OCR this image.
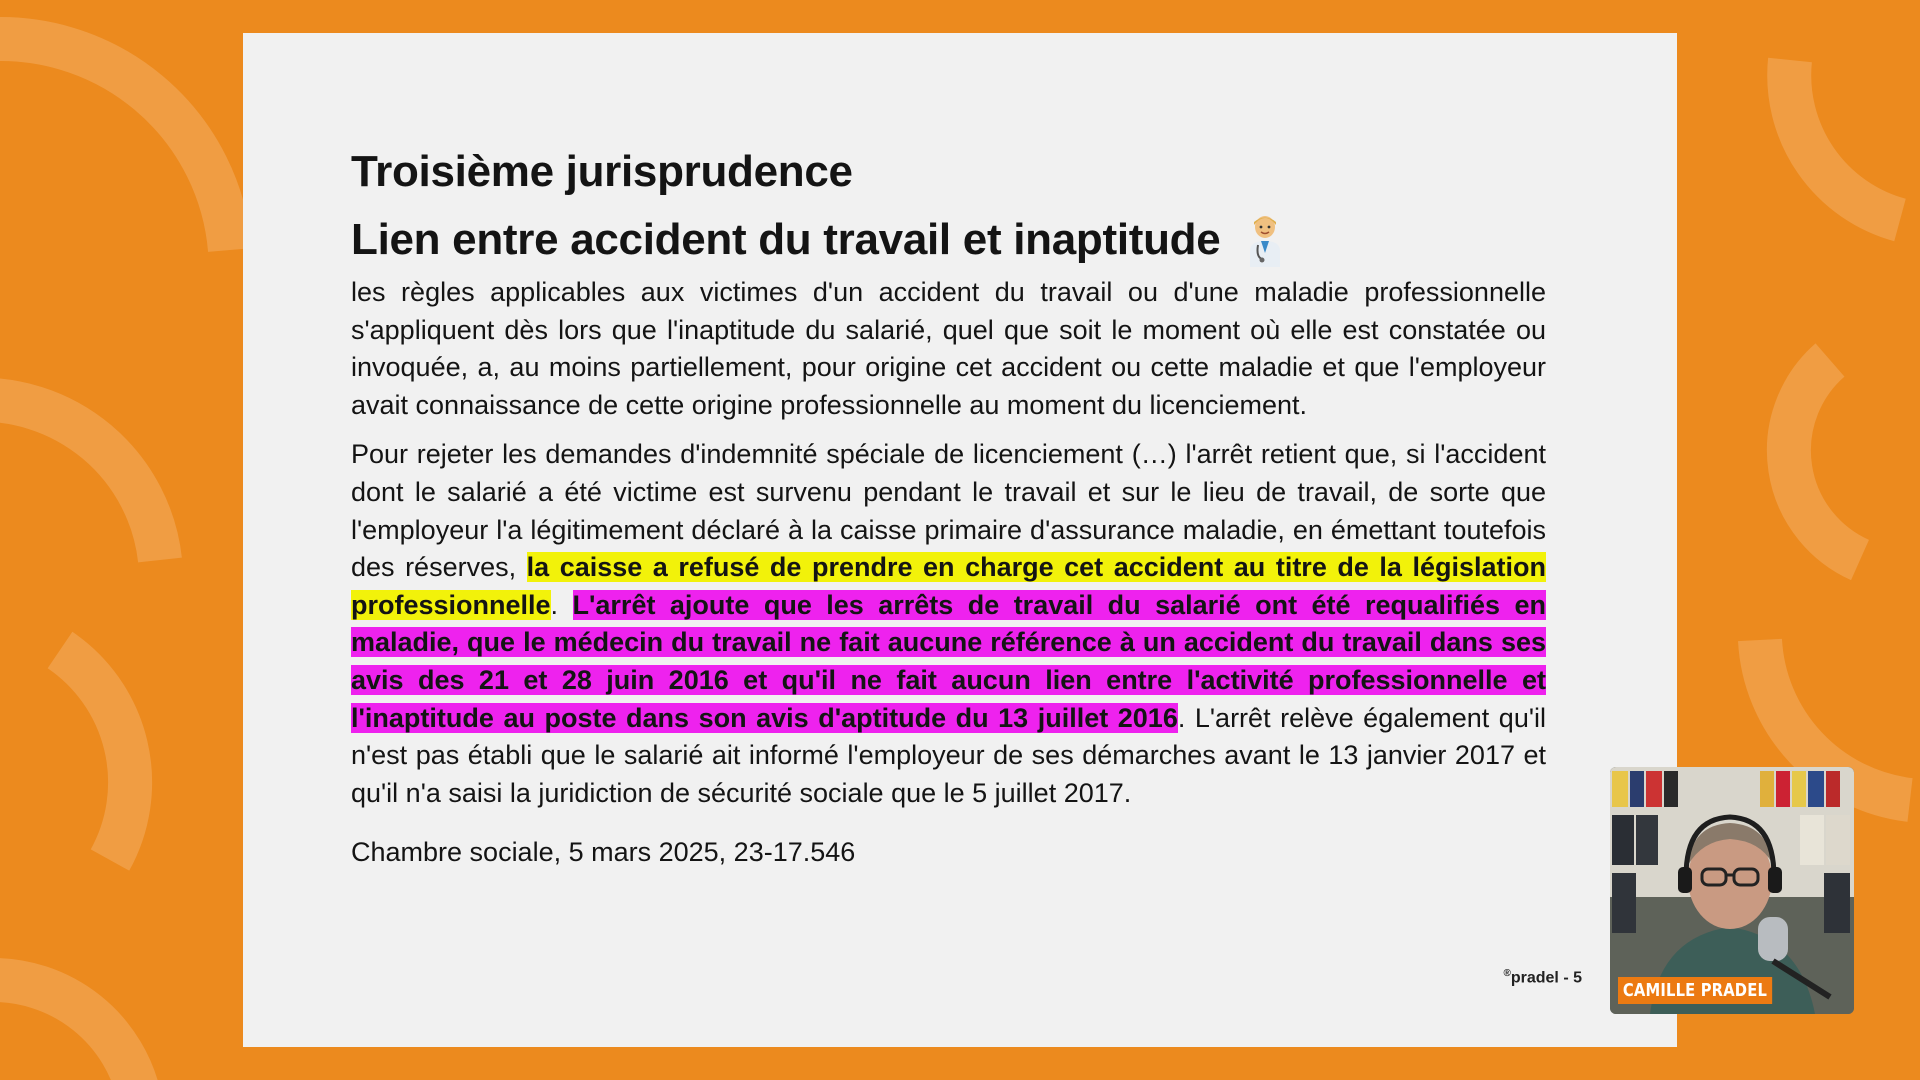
Troisième jurisprudence
Lien entre accident du travail et inaptitude

les règles applicables aux victimes d'un accident du travail ou d'une maladie professionnelle s'appliquent dès lors que l'inaptitude du salarié, quel que soit le moment où elle est constatée ou invoquée, a, au moins partiellement, pour origine cet accident ou cette maladie et que l'employeur avait connaissance de cette origine professionnelle au moment du licenciement.

Pour rejeter les demandes d'indemnité spéciale de licenciement (…) l'arrêt retient que, si l'accident dont le salarié a été victime est survenu pendant le travail et sur le lieu de travail, de sorte que l'employeur l'a légitimement déclaré à la caisse primaire d'assurance maladie, en émettant toutefois des réserves, la caisse a refusé de prendre en charge cet accident au titre de la législation professionnelle. L'arrêt ajoute que les arrêts de travail du salarié ont été requalifiés en maladie, que le médecin du travail ne fait aucune référence à un accident du travail dans ses avis des 21 et 28 juin 2016 et qu'il ne fait aucun lien entre l'activité professionnelle et l'inaptitude au poste dans son avis d'aptitude du 13 juillet 2016. L'arrêt relève également qu'il n'est pas établi que le salarié ait informé l'employeur de ses démarches avant le 13 janvier 2017 et qu'il n'a saisi la juridiction de sécurité sociale que le 5 juillet 2017.

Chambre sociale, 5 mars 2025, 23-17.546
®pradel - 5
CAMILLE PRADEL
